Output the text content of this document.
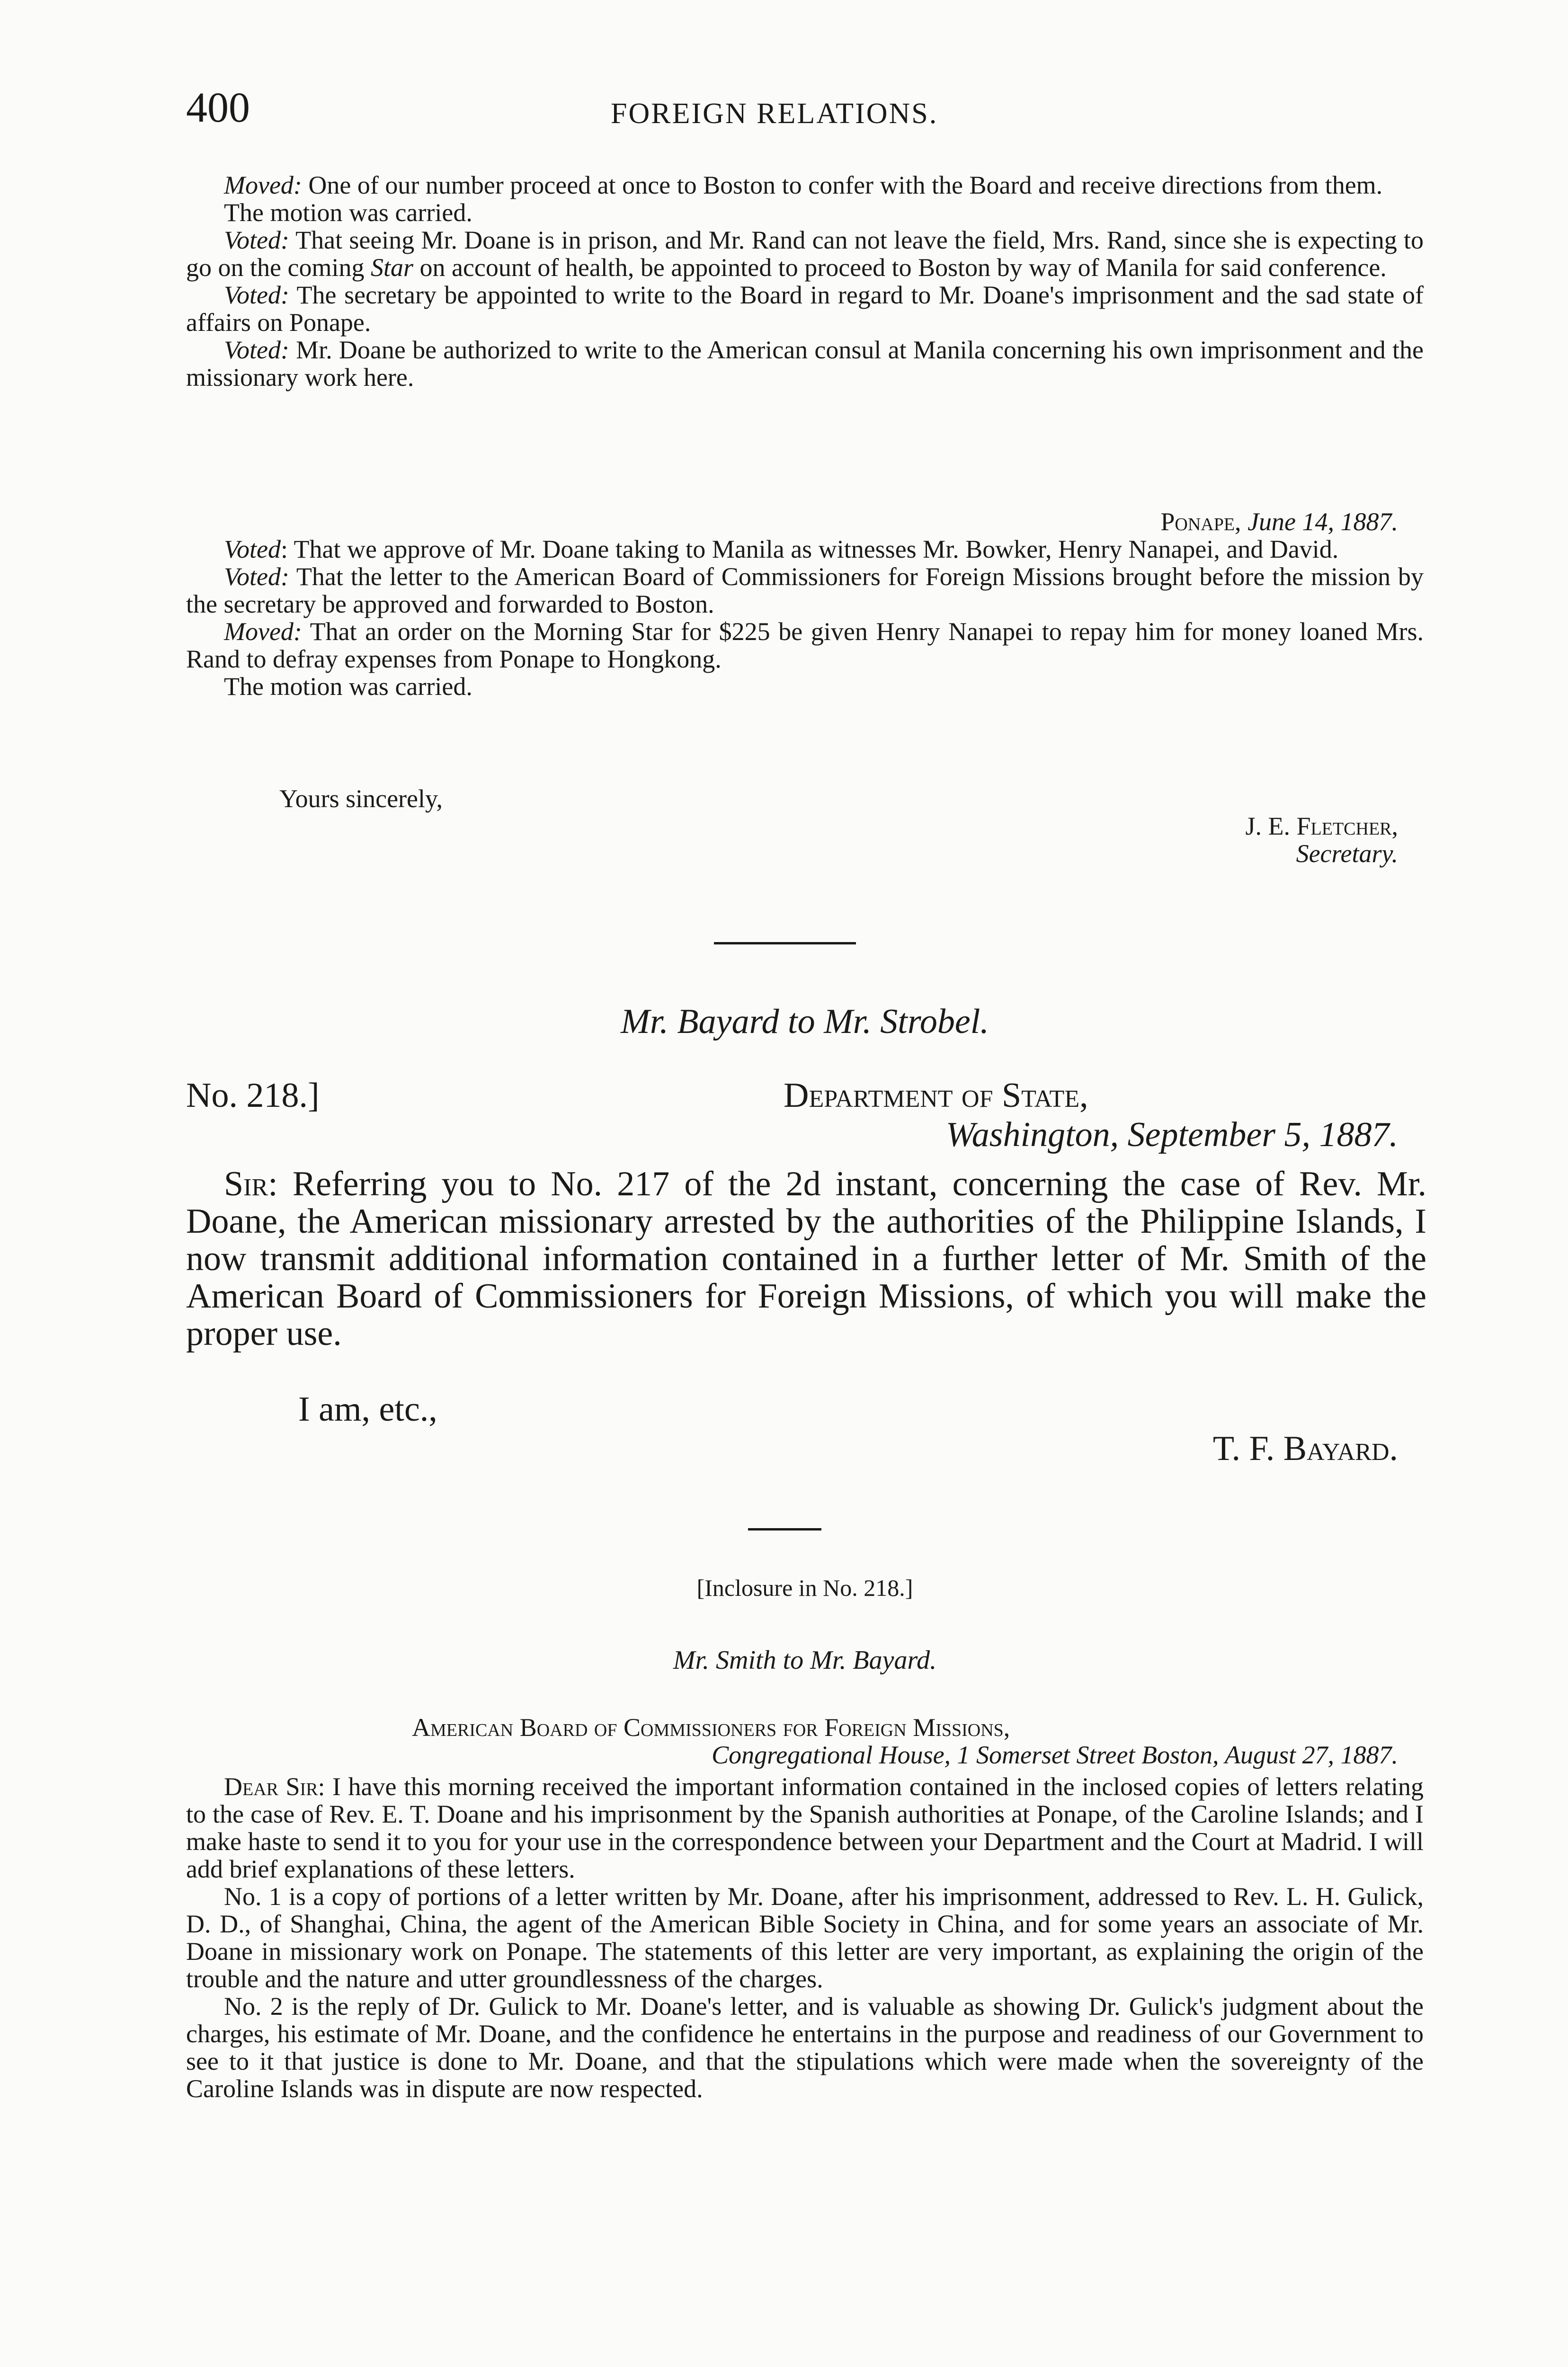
400	FOREIGN RELATIONS.

Moved: One of our number proceed at once to Boston to confer with the Board and receive directions from them.

The motion was carried.

Voted: That seeing Mr. Doane is in prison, and Mr. Rand can not leave the field, Mrs. Rand, since she is expecting to go on the coming Star on account of health, be appointed to proceed to Boston by way of Manila for said conference.

Voted: The secretary be appointed to write to the Board in regard to Mr. Doane's imprisonment and the sad state of affairs on Ponape.

Voted: Mr. Doane be authorized to write to the American consul at Manila concerning his own imprisonment and the missionary work here.

Ponape, June 14, 1887.

Voted: That we approve of Mr. Doane taking to Manila as witnesses Mr. Bowker, Henry Nanapei, and David.

Voted: That the letter to the American Board of Commissioners for Foreign Missions brought before the mission by the secretary be approved and forwarded to Boston.

Moved: That an order on the Morning Star for $225 be given Henry Nanapei to repay him for money loaned Mrs. Rand to defray expenses from Ponape to Hongkong.

The motion was carried.

Yours sincerely,
J. E. Fletcher,
Secretary.
Mr. Bayard to Mr. Strobel.
No. 218.]	Department of State,
Washington, September 5, 1887.

Sir: Referring you to No. 217 of the 2d instant, concerning the case of Rev. Mr. Doane, the American missionary arrested by the authorities of the Philippine Islands, I now transmit additional information contained in a further letter of Mr. Smith of the American Board of Commissioners for Foreign Missions, of which you will make the proper use.

I am, etc.,
T. F. Bayard.
[Inclosure in No. 218.]
Mr. Smith to Mr. Bayard.
American Board of Commissioners for Foreign Missions,
Congregational House, 1 Somerset Street Boston, August 27, 1887.

Dear Sir: I have this morning received the important information contained in the inclosed copies of letters relating to the case of Rev. E. T. Doane and his imprisonment by the Spanish authorities at Ponape, of the Caroline Islands; and I make haste to send it to you for your use in the correspondence between your Department and the Court at Madrid. I will add brief explanations of these letters.

No. 1 is a copy of portions of a letter written by Mr. Doane, after his imprisonment, addressed to Rev. L. H. Gulick, D. D., of Shanghai, China, the agent of the American Bible Society in China, and for some years an associate of Mr. Doane in missionary work on Ponape. The statements of this letter are very important, as explaining the origin of the trouble and the nature and utter groundlessness of the charges.

No. 2 is the reply of Dr. Gulick to Mr. Doane's letter, and is valuable as showing Dr. Gulick's judgment about the charges, his estimate of Mr. Doane, and the confidence he entertains in the purpose and readiness of our Government to see to it that justice is done to Mr. Doane, and that the stipulations which were made when the sovereignty of the Caroline Islands was in dispute are now respected.
